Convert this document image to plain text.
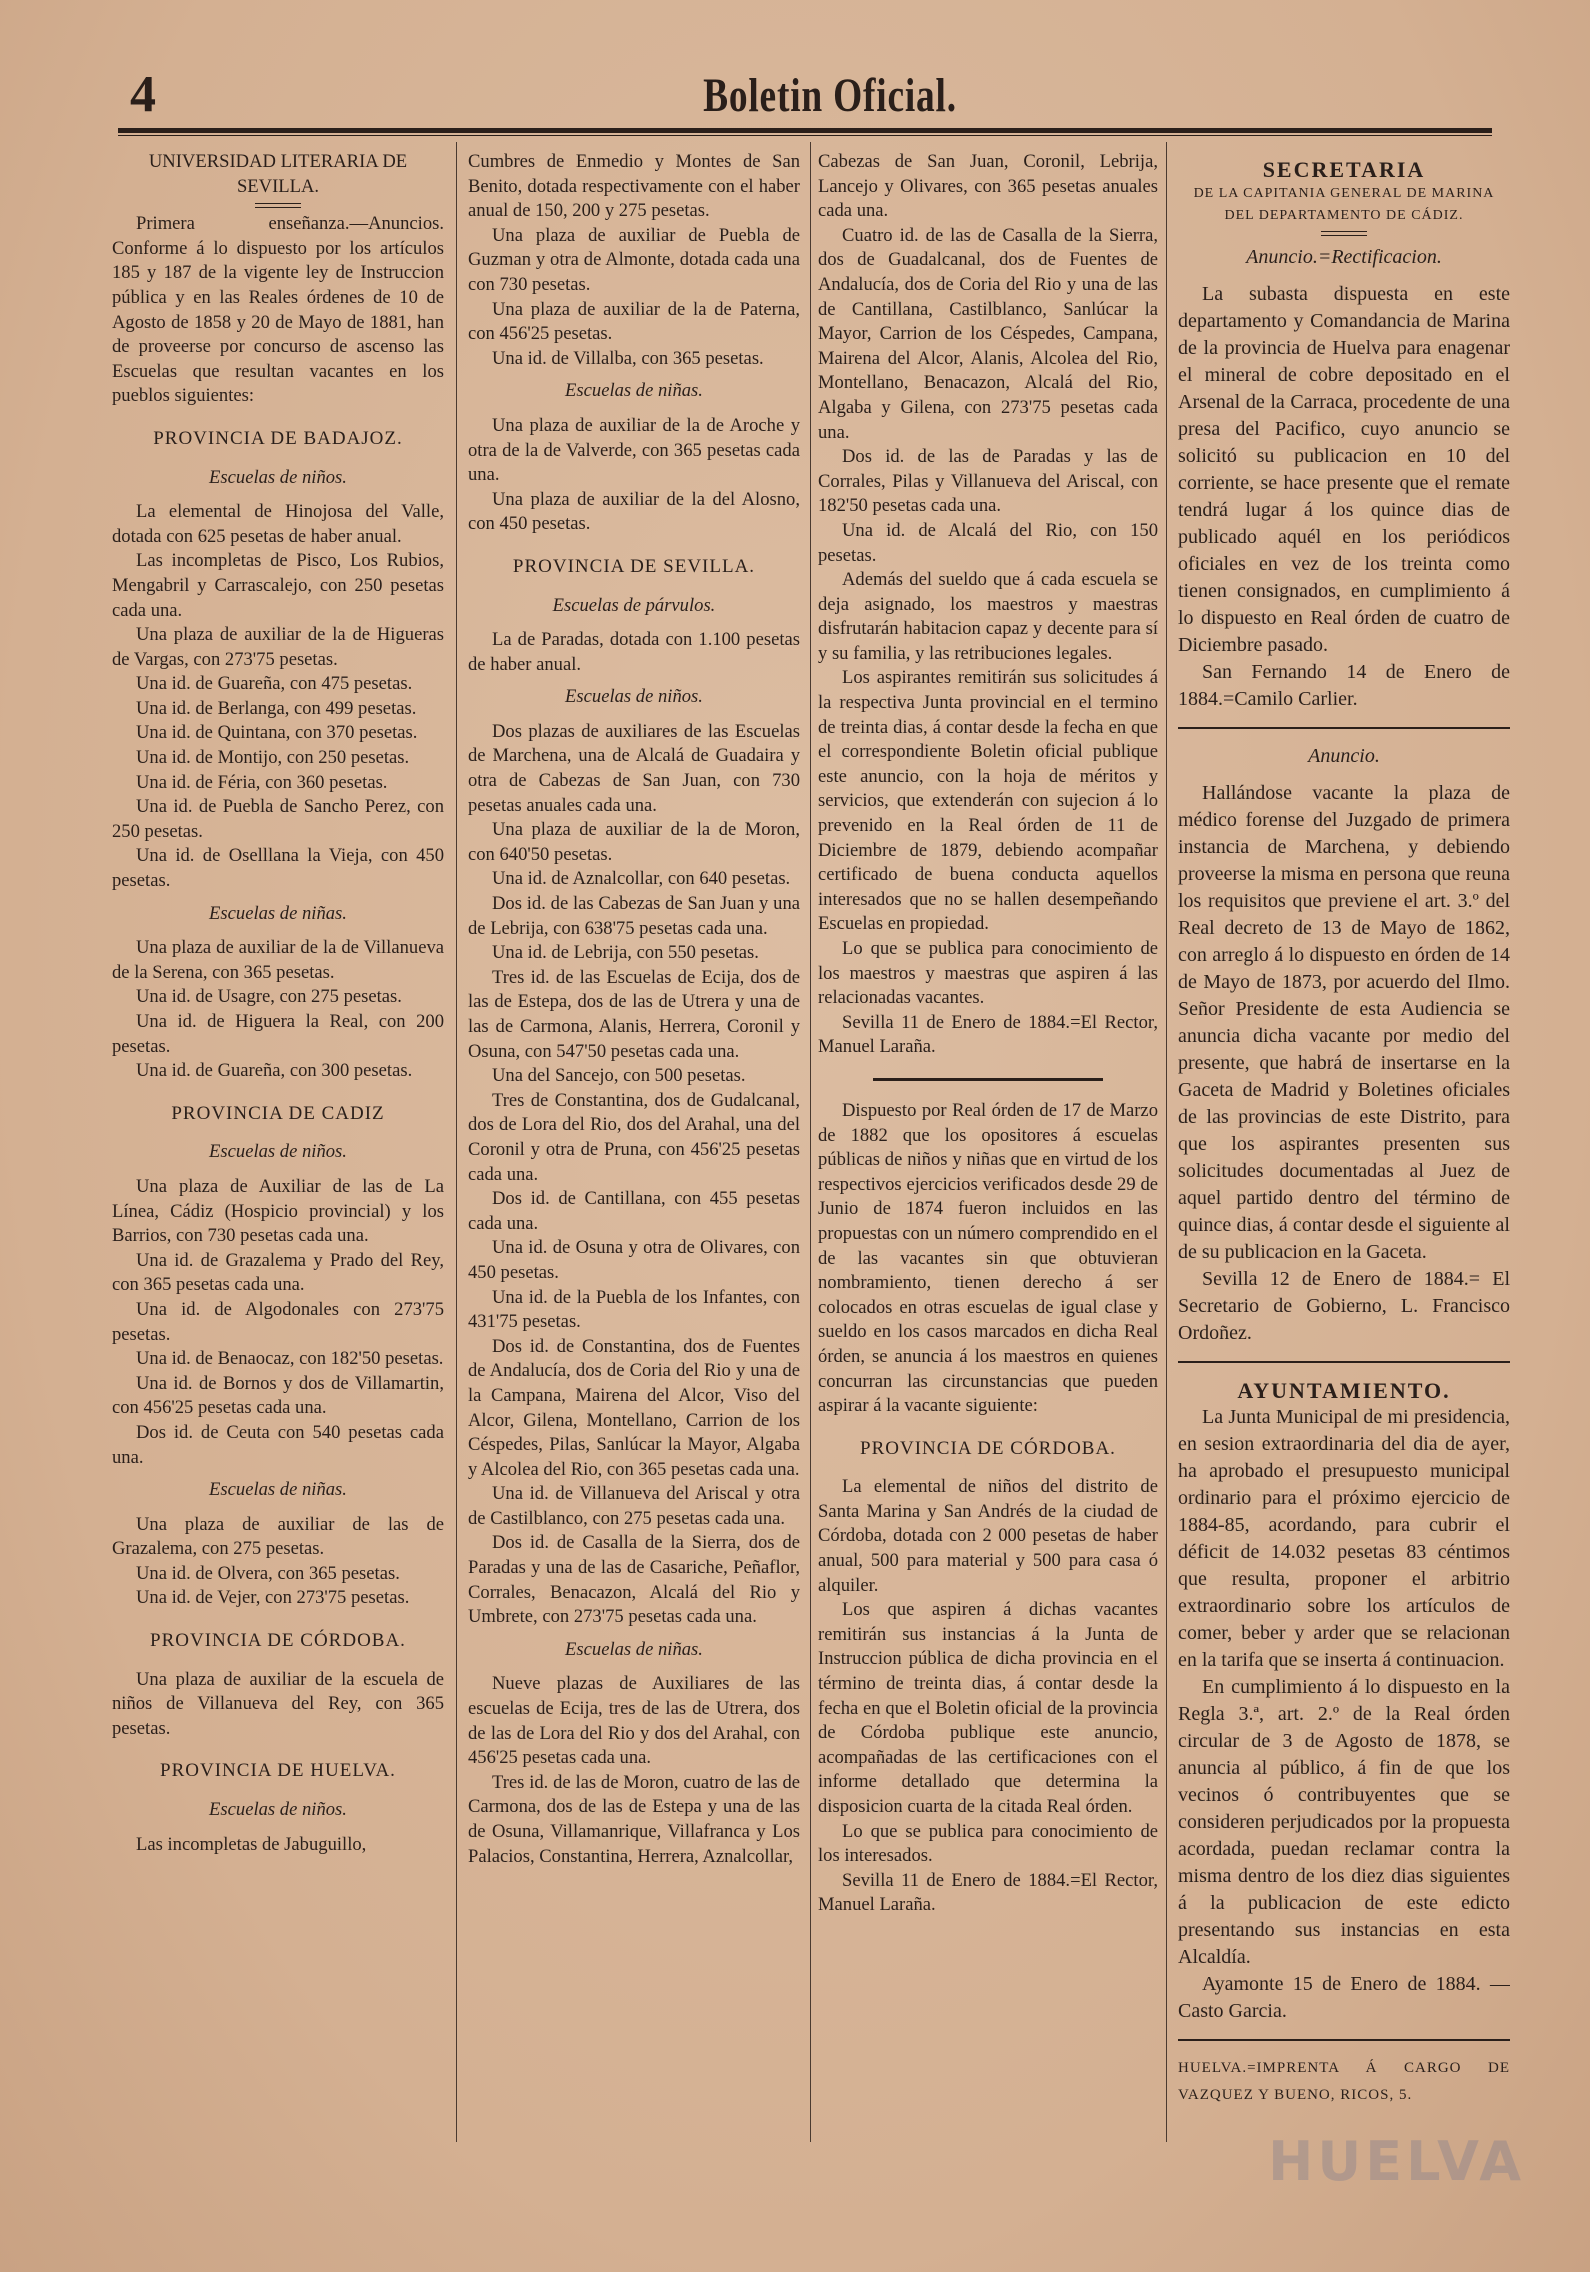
4	Boletin Oficial.

UNIVERSIDAD LITERARIA DE SEVILLA.

Primera enseñanza.—Anuncios. Conforme á lo dispuesto por los artículos 185 y 187 de la vigente ley de Instruccion pública y en las Reales órdenes de 10 de Agosto de 1858 y 20 de Mayo de 1881, han de proveerse por concurso de ascenso las Escuelas que resultan vacantes en los pueblos siguientes:

PROVINCIA DE BADAJOZ.

Escuelas de niños.

La elemental de Hinojosa del Valle, dotada con 625 pesetas de haber anual.

Las incompletas de Pisco, Los Rubios, Mengabril y Carrascalejo, con 250 pesetas cada una.

Una plaza de auxiliar de la de Higueras de Vargas, con 273'75 pesetas.

Una id. de Guareña, con 475 pesetas.

Una id. de Berlanga, con 499 pesetas.

Una id. de Quintana, con 370 pesetas.

Una id. de Montijo, con 250 pesetas.

Una id. de Féria, con 360 pesetas.

Una id. de Puebla de Sancho Perez, con 250 pesetas.

Una id. de Oselllana la Vieja, con 450 pesetas.

Escuelas de niñas.

Una plaza de auxiliar de la de Villanueva de la Serena, con 365 pesetas.

Una id. de Usagre, con 275 pesetas.

Una id. de Higuera la Real, con 200 pesetas.

Una id. de Guareña, con 300 pesetas.

PROVINCIA DE CADIZ

Escuelas de niños.

Una plaza de Auxiliar de las de La Línea, Cádiz (Hospicio provincial) y los Barrios, con 730 pesetas cada una.

Una id. de Grazalema y Prado del Rey, con 365 pesetas cada una.

Una id. de Algodonales con 273'75 pesetas.

Una id. de Benaocaz, con 182'50 pesetas.

Una id. de Bornos y dos de Villamartin, con 456'25 pesetas cada una.

Dos id. de Ceuta con 540 pesetas cada una.

Escuelas de niñas.

Una plaza de auxiliar de las de Grazalema, con 275 pesetas.

Una id. de Olvera, con 365 pesetas.

Una id. de Vejer, con 273'75 pesetas.

PROVINCIA DE CÓRDOBA.

Una plaza de auxiliar de la escuela de niños de Villanueva del Rey, con 365 pesetas.

PROVINCIA DE HUELVA.

Escuelas de niños.

Las incompletas de Jabuguillo,

Cumbres de Enmedio y Montes de San Benito, dotada respectivamente con el haber anual de 150, 200 y 275 pesetas.

Una plaza de auxiliar de Puebla de Guzman y otra de Almonte, dotada cada una con 730 pesetas.

Una plaza de auxiliar de la de Paterna, con 456'25 pesetas.

Una id. de Villalba, con 365 pesetas.

Escuelas de niñas.

Una plaza de auxiliar de la de Aroche y otra de la de Valverde, con 365 pesetas cada una.

Una plaza de auxiliar de la del Alosno, con 450 pesetas.

PROVINCIA DE SEVILLA.

Escuelas de párvulos.

La de Paradas, dotada con 1.100 pesetas de haber anual.

Escuelas de niños.

Dos plazas de auxiliares de las Escuelas de Marchena, una de Alcalá de Guadaira y otra de Cabezas de San Juan, con 730 pesetas anuales cada una.

Una plaza de auxiliar de la de Moron, con 640'50 pesetas.

Una id. de Aznalcollar, con 640 pesetas.

Dos id. de las Cabezas de San Juan y una de Lebrija, con 638'75 pesetas cada una.

Una id. de Lebrija, con 550 pesetas.

Tres id. de las Escuelas de Ecija, dos de las de Estepa, dos de las de Utrera y una de las de Carmona, Alanis, Herrera, Coronil y Osuna, con 547'50 pesetas cada una.

Una del Sancejo, con 500 pesetas.

Tres de Constantina, dos de Gudalcanal, dos de Lora del Rio, dos del Arahal, una del Coronil y otra de Pruna, con 456'25 pesetas cada una.

Dos id. de Cantillana, con 455 pesetas cada una.

Una id. de Osuna y otra de Olivares, con 450 pesetas.

Una id. de la Puebla de los Infantes, con 431'75 pesetas.

Dos id. de Constantina, dos de Fuentes de Andalucía, dos de Coria del Rio y una de la Campana, Mairena del Alcor, Viso del Alcor, Gilena, Montellano, Carrion de los Céspedes, Pilas, Sanlúcar la Mayor, Algaba y Alcolea del Rio, con 365 pesetas cada una.

Una id. de Villanueva del Ariscal y otra de Castilblanco, con 275 pesetas cada una.

Dos id. de Casalla de la Sierra, dos de Paradas y una de las de Casariche, Peñaflor, Corrales, Benacazon, Alcalá del Rio y Umbrete, con 273'75 pesetas cada una.

Escuelas de niñas.

Nueve plazas de Auxiliares de las escuelas de Ecija, tres de las de Utrera, dos de las de Lora del Rio y dos del Arahal, con 456'25 pesetas cada una.

Tres id. de las de Moron, cuatro de las de Carmona, dos de las de Estepa y una de las de Osuna, Villamanrique, Villafranca y Los Palacios, Constantina, Herrera, Aznalcollar,

Cabezas de San Juan, Coronil, Lebrija, Lancejo y Olivares, con 365 pesetas anuales cada una.

Cuatro id. de las de Casalla de la Sierra, dos de Guadalcanal, dos de Fuentes de Andalucía, dos de Coria del Rio y una de las de Cantillana, Castilblanco, Sanlúcar la Mayor, Carrion de los Céspedes, Campana, Mairena del Alcor, Alanis, Alcolea del Rio, Montellano, Benacazon, Alcalá del Rio, Algaba y Gilena, con 273'75 pesetas cada una.

Dos id. de las de Paradas y las de Corrales, Pilas y Villanueva del Ariscal, con 182'50 pesetas cada una.

Una id. de Alcalá del Rio, con 150 pesetas.

Además del sueldo que á cada escuela se deja asignado, los maestros y maestras disfrutarán habitacion capaz y decente para sí y su familia, y las retribuciones legales.

Los aspirantes remitirán sus solicitudes á la respectiva Junta provincial en el termino de treinta dias, á contar desde la fecha en que el correspondiente Boletin oficial publique este anuncio, con la hoja de méritos y servicios, que extenderán con sujecion á lo prevenido en la Real órden de 11 de Diciembre de 1879, debiendo acompañar certificado de buena conducta aquellos interesados que no se hallen desempeñando Escuelas en propiedad.

Lo que se publica para conocimiento de los maestros y maestras que aspiren á las relacionadas vacantes.

Sevilla 11 de Enero de 1884.=El Rector, Manuel Laraña.

Dispuesto por Real órden de 17 de Marzo de 1882 que los opositores á escuelas públicas de niños y niñas que en virtud de los respectivos ejercicios verificados desde 29 de Junio de 1874 fueron incluidos en las propuestas con un número comprendido en el de las vacantes sin que obtuvieran nombramiento, tienen derecho á ser colocados en otras escuelas de igual clase y sueldo en los casos marcados en dicha Real órden, se anuncia á los maestros en quienes concurran las circunstancias que pueden aspirar á la vacante siguiente:

PROVINCIA DE CÓRDOBA.

La elemental de niños del distrito de Santa Marina y San Andrés de la ciudad de Córdoba, dotada con 2 000 pesetas de haber anual, 500 para material y 500 para casa ó alquiler.

Los que aspiren á dichas vacantes remitirán sus instancias á la Junta de Instruccion pública de dicha provincia en el término de treinta dias, á contar desde la fecha en que el Boletin oficial de la provincia de Córdoba publique este anuncio, acompañadas de las certificaciones con el informe detallado que determina la disposicion cuarta de la citada Real órden.

Lo que se publica para conocimiento de los interesados.

Sevilla 11 de Enero de 1884.=El Rector, Manuel Laraña.

SECRETARIA

DE LA CAPITANIA GENERAL DE MARINA DEL DEPARTAMENTO DE CÁDIZ.

Anuncio.=Rectificacion.

La subasta dispuesta en este departamento y Comandancia de Marina de la provincia de Huelva para enagenar el mineral de cobre depositado en el Arsenal de la Carraca, procedente de una presa del Pacifico, cuyo anuncio se solicitó su publicacion en 10 del corriente, se hace presente que el remate tendrá lugar á los quince dias de publicado aquél en los periódicos oficiales en vez de los treinta como tienen consignados, en cumplimiento á lo dispuesto en Real órden de cuatro de Diciembre pasado.

San Fernando 14 de Enero de 1884.=Camilo Carlier.

Anuncio.

Hallándose vacante la plaza de médico forense del Juzgado de primera instancia de Marchena, y debiendo proveerse la misma en persona que reuna los requisitos que previene el art. 3.º del Real decreto de 13 de Mayo de 1862, con arreglo á lo dispuesto en órden de 14 de Mayo de 1873, por acuerdo del Ilmo. Señor Presidente de esta Audiencia se anuncia dicha vacante por medio del presente, que habrá de insertarse en la Gaceta de Madrid y Boletines oficiales de las provincias de este Distrito, para que los aspirantes presenten sus solicitudes documentadas al Juez de aquel partido dentro del término de quince dias, á contar desde el siguiente al de su publicacion en la Gaceta.

Sevilla 12 de Enero de 1884.= El Secretario de Gobierno, L. Francisco Ordoñez.

AYUNTAMIENTO.

La Junta Municipal de mi presidencia, en sesion extraordinaria del dia de ayer, ha aprobado el presupuesto municipal ordinario para el próximo ejercicio de 1884-85, acordando, para cubrir el déficit de 14.032 pesetas 83 céntimos que resulta, proponer el arbitrio extraordinario sobre los artículos de comer, beber y arder que se relacionan en la tarifa que se inserta á continuacion.

En cumplimiento á lo dispuesto en la Regla 3.ª, art. 2.º de la Real órden circular de 3 de Agosto de 1878, se anuncia al público, á fin de que los vecinos ó contribuyentes que se consideren perjudicados por la propuesta acordada, puedan reclamar contra la misma dentro de los diez dias siguientes á la publicacion de este edicto presentando sus instancias en esta Alcaldía.

Ayamonte 15 de Enero de 1884. —Casto Garcia.

HUELVA.=IMPRENTA Á CARGO DE VAZQUEZ Y BUENO, RICOS, 5.

HUELVA
